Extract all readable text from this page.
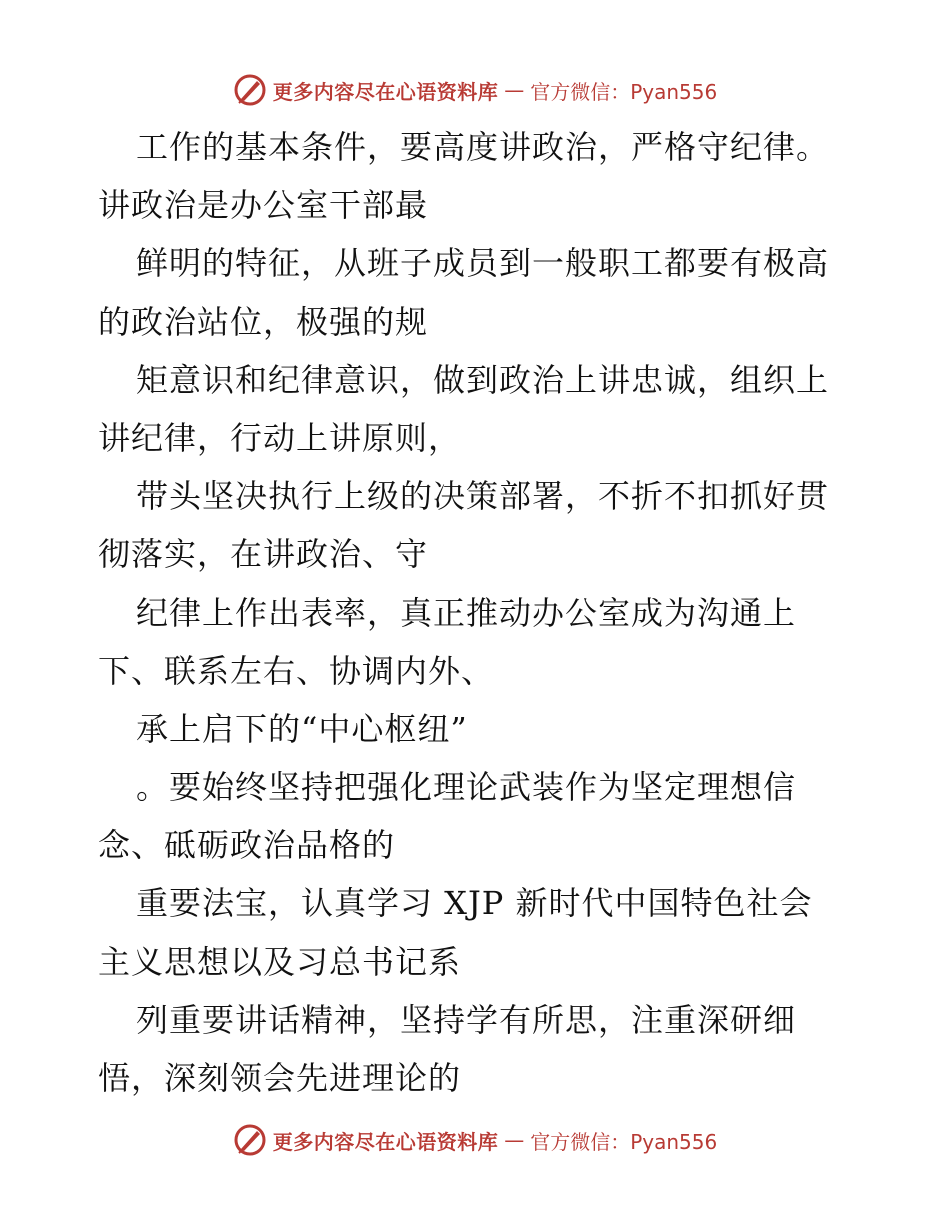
更多内容尽在心语资料库 — 官方微信：Pyan556
工作的基本条件，要高度讲政治，严格守纪律。
讲政治是办公室干部最
鲜明的特征，从班子成员到一般职工都要有极高
的政治站位，极强的规
矩意识和纪律意识，做到政治上讲忠诚，组织上
讲纪律，行动上讲原则，
带头坚决执行上级的决策部署，不折不扣抓好贯
彻落实，在讲政治、守
纪律上作出表率，真正推动办公室成为沟通上
下、联系左右、协调内外、
承上启下的“中心枢纽”
。要始终坚持把强化理论武装作为坚定理想信
念、砥砺政治品格的
重要法宝，认真学习 XJP 新时代中国特色社会
主义思想以及习总书记系
列重要讲话精神，坚持学有所思，注重深研细
悟，深刻领会先进理论的
更多内容尽在心语资料库 — 官方微信：Pyan556
